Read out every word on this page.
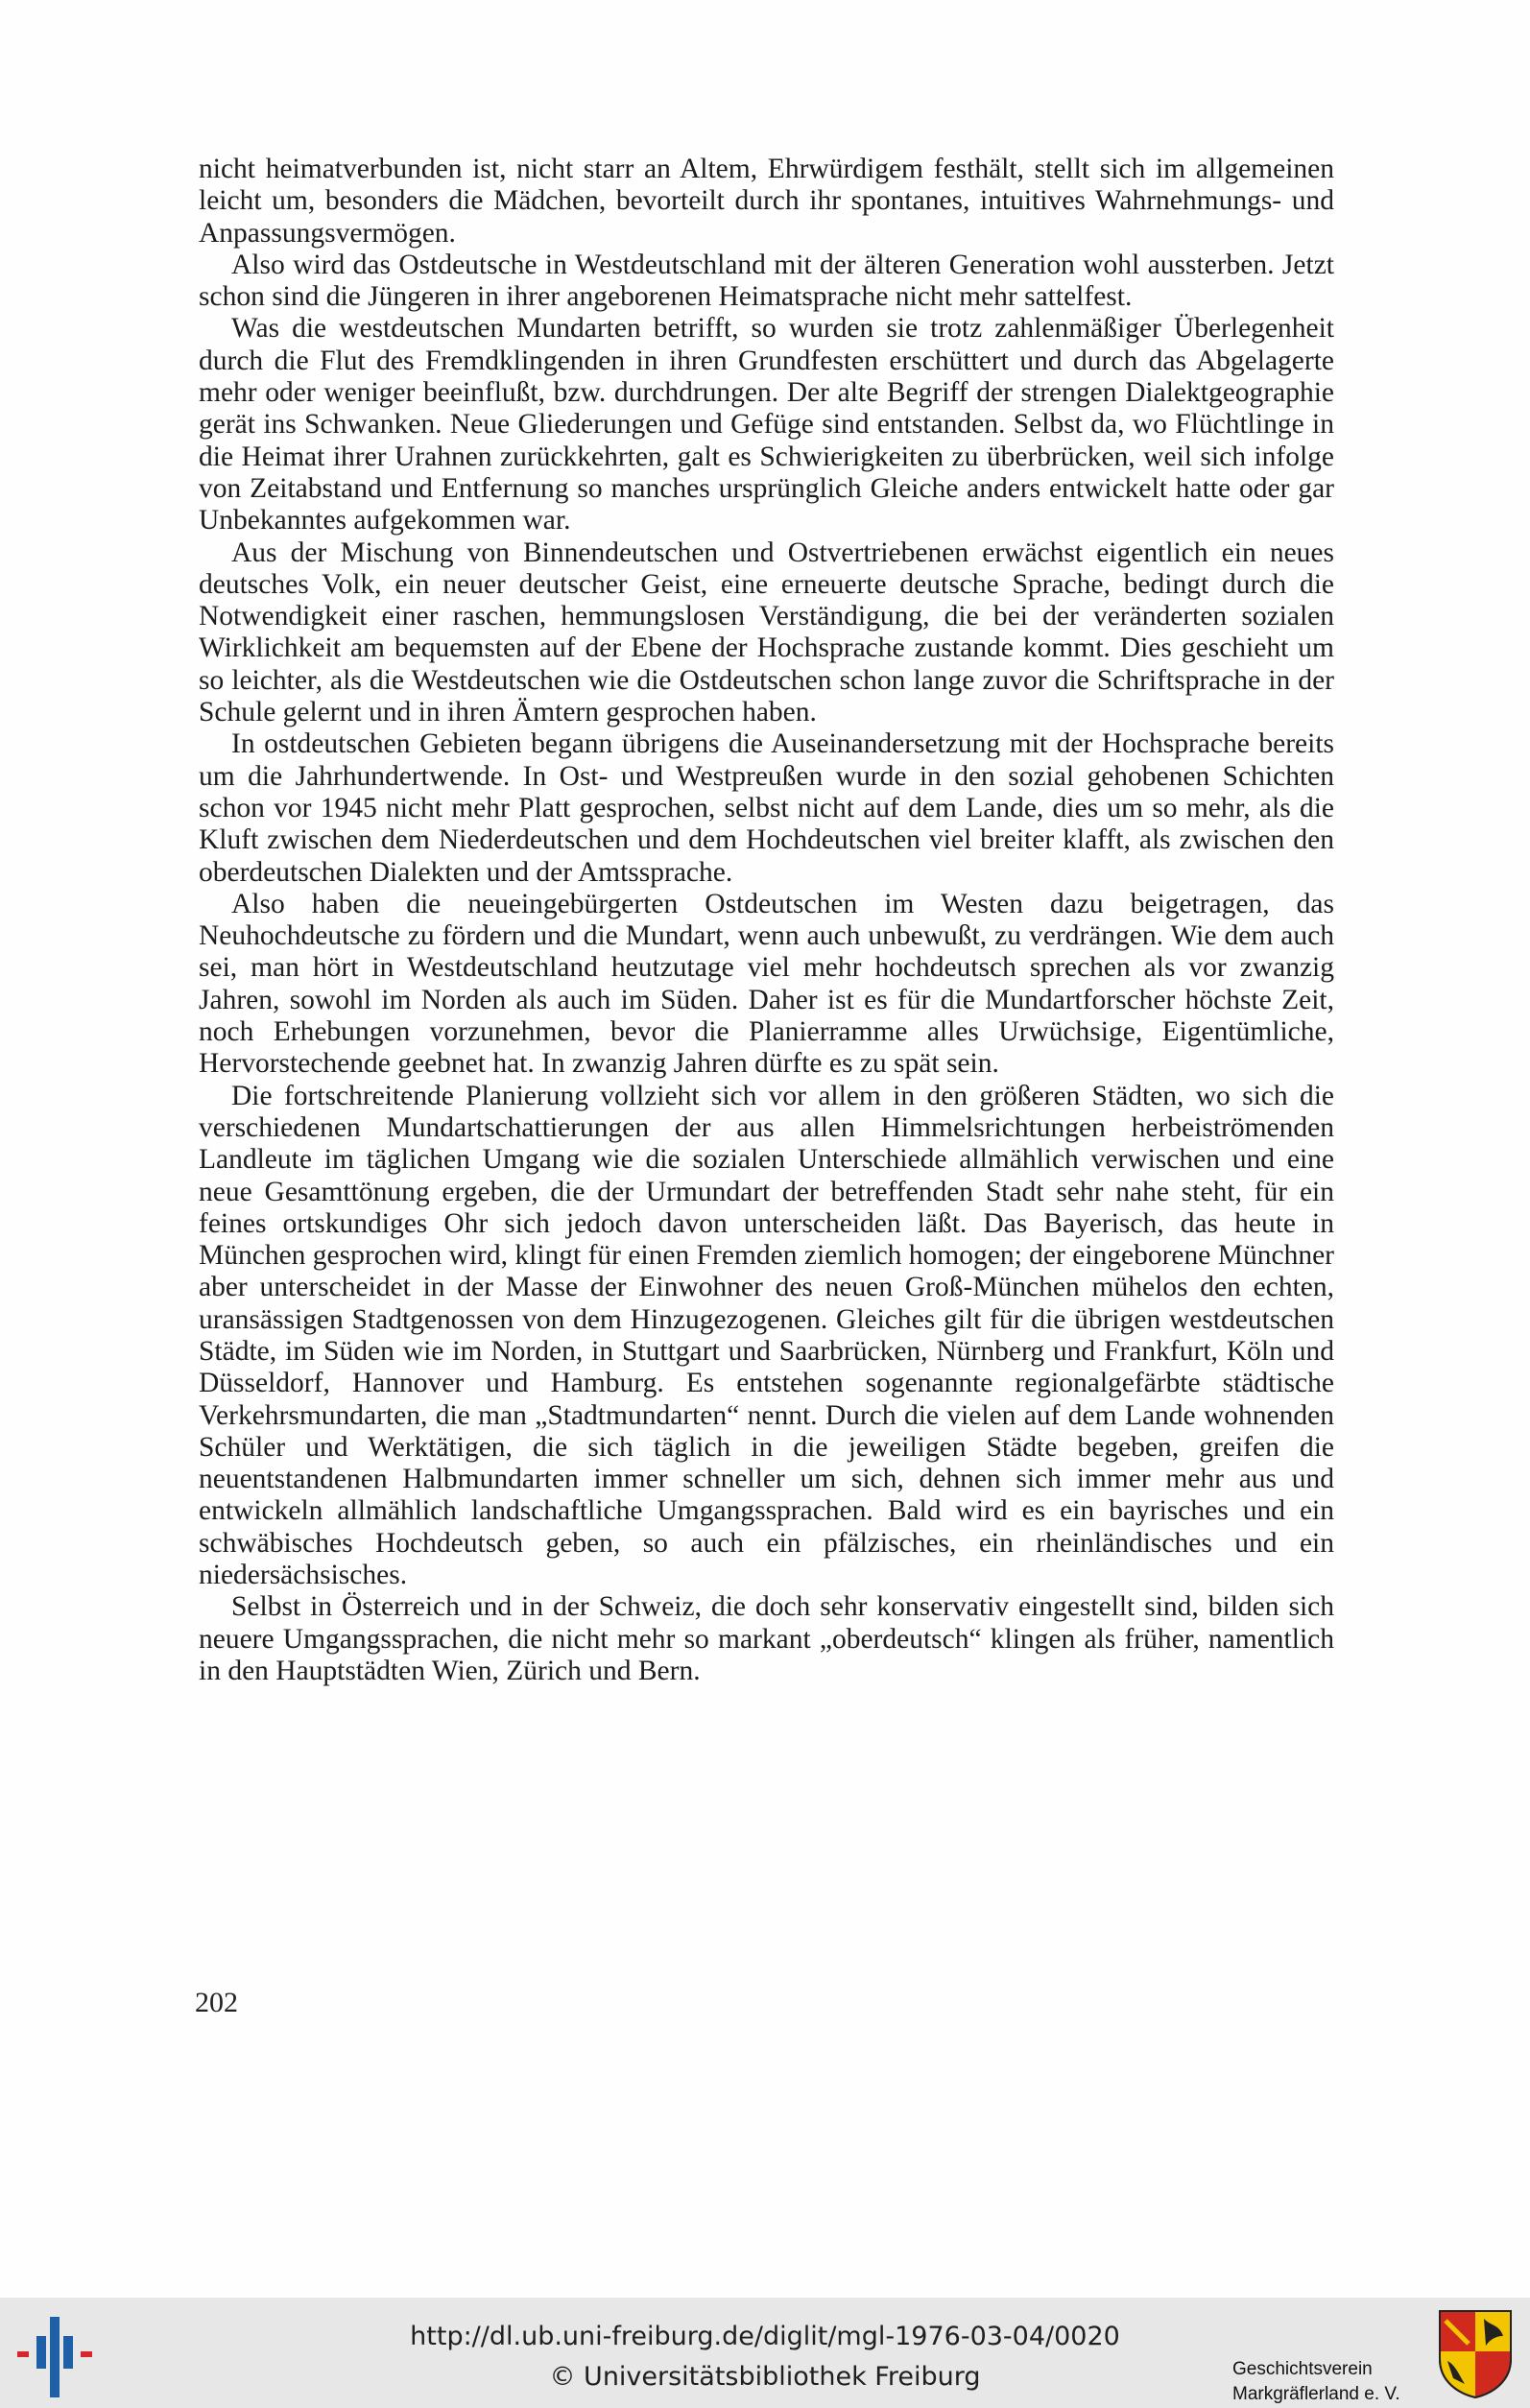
nicht heimatverbunden ist, nicht starr an Altem, Ehrwürdigem festhält, stellt sich im allgemeinen leicht um, besonders die Mädchen, bevorteilt durch ihr spontanes, intuitives Wahrnehmungs- und Anpassungsvermögen.

Also wird das Ostdeutsche in Westdeutschland mit der älteren Generation wohl aussterben. Jetzt schon sind die Jüngeren in ihrer angeborenen Heimatsprache nicht mehr sattelfest.

Was die westdeutschen Mundarten betrifft, so wurden sie trotz zahlenmäßiger Überlegenheit durch die Flut des Fremdklingenden in ihren Grundfesten erschüttert und durch das Abgelagerte mehr oder weniger beeinflußt, bzw. durchdrungen. Der alte Begriff der strengen Dialektgeographie gerät ins Schwanken. Neue Gliederungen und Gefüge sind entstanden. Selbst da, wo Flüchtlinge in die Heimat ihrer Urahnen zurückkehrten, galt es Schwierigkeiten zu überbrücken, weil sich infolge von Zeitabstand und Entfernung so manches ursprünglich Gleiche anders entwickelt hatte oder gar Unbekanntes aufgekommen war.

Aus der Mischung von Binnendeutschen und Ostvertriebenen erwächst eigentlich ein neues deutsches Volk, ein neuer deutscher Geist, eine erneuerte deutsche Sprache, bedingt durch die Notwendigkeit einer raschen, hemmungslosen Verständigung, die bei der veränderten sozialen Wirklichkeit am bequemsten auf der Ebene der Hochsprache zustande kommt. Dies geschieht um so leichter, als die Westdeutschen wie die Ostdeutschen schon lange zuvor die Schriftsprache in der Schule gelernt und in ihren Ämtern gesprochen haben.

In ostdeutschen Gebieten begann übrigens die Auseinandersetzung mit der Hochsprache bereits um die Jahrhundertwende. In Ost- und Westpreußen wurde in den sozial gehobenen Schichten schon vor 1945 nicht mehr Platt gesprochen, selbst nicht auf dem Lande, dies um so mehr, als die Kluft zwischen dem Niederdeutschen und dem Hochdeutschen viel breiter klafft, als zwischen den oberdeutschen Dialekten und der Amtssprache.

Also haben die neueingebürgerten Ostdeutschen im Westen dazu beigetragen, das Neuhochdeutsche zu fördern und die Mundart, wenn auch unbewußt, zu verdrängen. Wie dem auch sei, man hört in Westdeutschland heutzutage viel mehr hochdeutsch sprechen als vor zwanzig Jahren, sowohl im Norden als auch im Süden. Daher ist es für die Mundartforscher höchste Zeit, noch Erhebungen vorzunehmen, bevor die Planierramme alles Urwüchsige, Eigentümliche, Hervorstechende geebnet hat. In zwanzig Jahren dürfte es zu spät sein.

Die fortschreitende Planierung vollzieht sich vor allem in den größeren Städten, wo sich die verschiedenen Mundartschattierungen der aus allen Himmelsrichtungen herbeiströmenden Landleute im täglichen Umgang wie die sozialen Unterschiede allmählich verwischen und eine neue Gesamttönung ergeben, die der Urmundart der betreffenden Stadt sehr nahe steht, für ein feines ortskundiges Ohr sich jedoch davon unterscheiden läßt. Das Bayerisch, das heute in München gesprochen wird, klingt für einen Fremden ziemlich homogen; der eingeborene Münchner aber unterscheidet in der Masse der Einwohner des neuen Groß-München mühelos den echten, uransässigen Stadtgenossen von dem Hinzugezogenen. Gleiches gilt für die übrigen westdeutschen Städte, im Süden wie im Norden, in Stuttgart und Saarbrücken, Nürnberg und Frankfurt, Köln und Düsseldorf, Hannover und Hamburg. Es entstehen sogenannte regionalgefärbte städtische Verkehrsmundarten, die man „Stadtmundarten“ nennt. Durch die vielen auf dem Lande wohnenden Schüler und Werktätigen, die sich täglich in die jeweiligen Städte begeben, greifen die neuentstandenen Halbmundarten immer schneller um sich, dehnen sich immer mehr aus und entwickeln allmählich landschaftliche Umgangssprachen. Bald wird es ein bayrisches und ein schwäbisches Hochdeutsch geben, so auch ein pfälzisches, ein rheinländisches und ein niedersächsisches.

Selbst in Österreich und in der Schweiz, die doch sehr konservativ eingestellt sind, bilden sich neuere Umgangssprachen, die nicht mehr so markant „oberdeutsch“ klingen als früher, namentlich in den Hauptstädten Wien, Zürich und Bern.

202
http://dl.ub.uni-freiburg.de/diglit/mgl-1976-03-04/0020
© Universitätsbibliothek Freiburg	Geschichtsverein
Markgräflerland e. V.
